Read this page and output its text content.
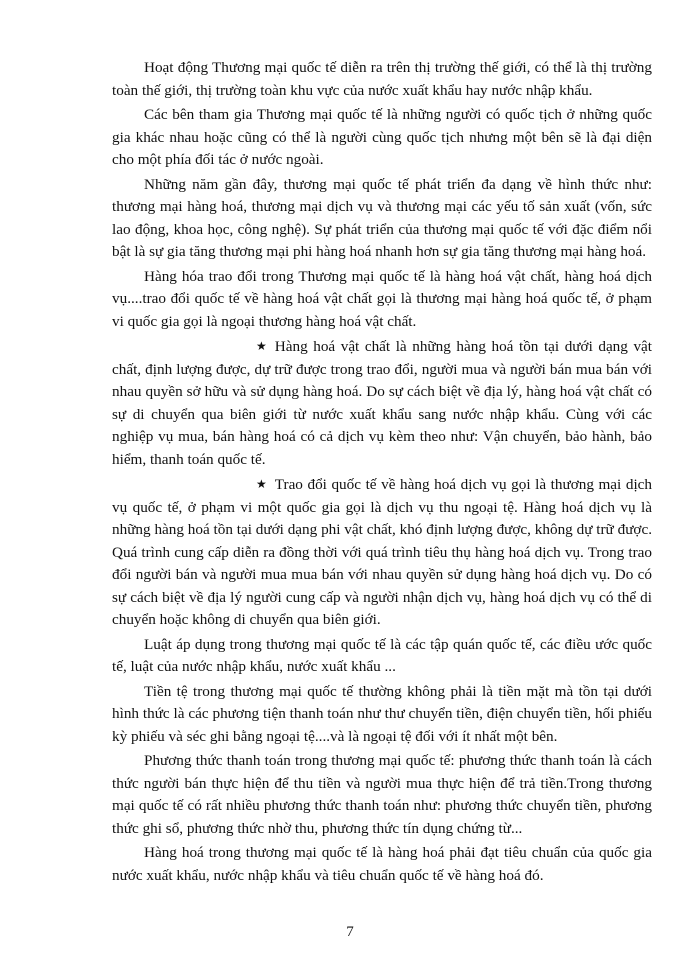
Hoạt động Thương mại quốc tế diễn ra trên thị trường thế giới, có thể là thị trường toàn thế giới, thị trường toàn khu vực của nước xuất khẩu hay nước nhập khẩu.

Các bên tham gia Thương mại quốc tế là những người có quốc tịch ở những quốc gia khác nhau hoặc cũng có thể là người cùng quốc tịch nhưng một bên sẽ là đại diện cho một phía đối tác ở nước ngoài.

Những năm gần đây, thương mại quốc tế phát triển đa dạng về hình thức như: thương mại hàng hoá, thương mại dịch vụ và thương mại các yếu tố sản xuất (vốn, sức lao động, khoa học, công nghệ). Sự phát triển của thương mại quốc tế với đặc điểm nổi bật là sự gia tăng thương mại phi hàng hoá nhanh hơn sự gia tăng thương mại hàng hoá.

Hàng hóa trao đổi trong Thương mại quốc tế là hàng hoá vật chất, hàng hoá dịch vụ....trao đổi quốc tế về hàng hoá vật chất gọi là thương mại hàng hoá quốc tế, ở phạm vi quốc gia gọi là ngoại thương hàng hoá vật chất.

★ Hàng hoá vật chất là những hàng hoá tồn tại dưới dạng vật chất, định lượng được, dự trữ được trong trao đổi, người mua và người bán mua bán với nhau quyền sở hữu và sử dụng hàng hoá. Do sự cách biệt về địa lý, hàng hoá vật chất có sự di chuyển qua biên giới từ nước xuất khẩu sang nước nhập khẩu. Cùng với các nghiệp vụ mua, bán hàng hoá có cả dịch vụ kèm theo như: Vận chuyển, bảo hành, bảo hiểm, thanh toán quốc tế.

★ Trao đổi quốc tế về hàng hoá dịch vụ gọi là thương mại dịch vụ quốc tế, ở phạm vi một quốc gia gọi là dịch vụ thu ngoại tệ. Hàng hoá dịch vụ là những hàng hoá tồn tại dưới dạng phi vật chất, khó định lượng được, không dự trữ được. Quá trình cung cấp diễn ra đồng thời với quá trình tiêu thụ hàng hoá dịch vụ. Trong trao đổi người bán và người mua mua bán với nhau quyền sử dụng hàng hoá dịch vụ. Do có sự cách biệt về địa lý người cung cấp và người nhận dịch vụ, hàng hoá dịch vụ có thể di chuyển hoặc không di chuyển qua biên giới.

Luật áp dụng trong thương mại quốc tế là các tập quán quốc tế, các điều ước quốc tế, luật của nước nhập khẩu, nước xuất khẩu ...

Tiền tệ trong thương mại quốc tế thường không phải là tiền mặt mà tồn tại dưới hình thức là các phương tiện thanh toán như thư chuyển tiền, điện chuyển tiền, hối phiếu kỳ phiếu và séc ghi bằng ngoại tệ....và là ngoại tệ đối với ít nhất một bên.

Phương thức thanh toán trong thương mại quốc tế: phương thức thanh toán là cách thức người bán thực hiện để thu tiền và người mua thực hiện để trả tiền.Trong thương mại quốc tế có rất nhiều phương thức thanh toán như: phương thức chuyển tiền, phương thức ghi sổ, phương thức nhờ thu, phương thức tín dụng chứng từ...

Hàng hoá trong thương mại quốc tế là hàng hoá phải đạt tiêu chuẩn của quốc gia nước xuất khẩu, nước nhập khẩu và tiêu chuẩn quốc tế về hàng hoá đó.

7
